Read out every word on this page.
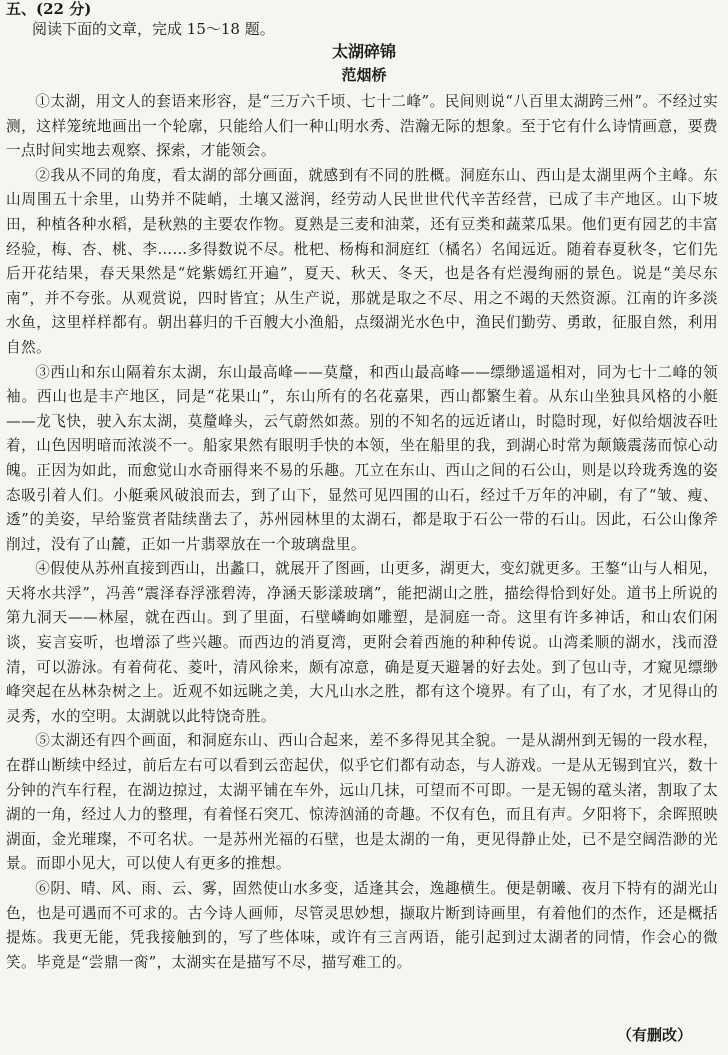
五、(22 分)
阅读下面的文章，完成 15～18 题。
太湖碎锦
范烟桥

①太湖，用文人的套语来形容，是“三万六千顷、七十二峰”。民间则说“八百里太湖跨三州”。不经过实测，这样笼统地画出一个轮廓，只能给人们一种山明水秀、浩瀚无际的想象。至于它有什么诗情画意，要费一点时间实地去观察、探索，才能领会。

②我从不同的角度，看太湖的部分画面，就感到有不同的胜概。洞庭东山、西山是太湖里两个主峰。东山周围五十余里，山势并不陡峭，土壤又滋润，经劳动人民世世代代辛苦经营，已成了丰产地区。山下坡田，种植各种水稻，是秋熟的主要农作物。夏熟是三麦和油菜，还有豆类和蔬菜瓜果。他们更有园艺的丰富经验，梅、杏、桃、李……多得数说不尽。枇杷、杨梅和洞庭红（橘名）名闻远近。随着春夏秋冬，它们先后开花结果，春天果然是“姹紫嫣红开遍”，夏天、秋天、冬天，也是各有烂漫绚丽的景色。说是“美尽东南”，并不夸张。从观赏说，四时皆宜；从生产说，那就是取之不尽、用之不竭的天然资源。江南的许多淡水鱼，这里样样都有。朝出暮归的千百艘大小渔船，点缀湖光水色中，渔民们勤劳、勇敢，征服自然，利用自然。

③西山和东山隔着东太湖，东山最高峰——莫釐，和西山最高峰——缥缈遥遥相对，同为七十二峰的领袖。西山也是丰产地区，同是“花果山”，东山所有的名花嘉果，西山都繁生着。从东山坐独具风格的小艇——龙飞快，驶入东太湖，莫釐峰头，云气蔚然如蒸。别的不知名的远近诸山，时隐时现，好似给烟波吞吐着，山色因明暗而浓淡不一。船家果然有眼明手快的本领，坐在船里的我，到湖心时常为颠簸震荡而惊心动魄。正因为如此，而愈觉山水奇丽得来不易的乐趣。兀立在东山、西山之间的石公山，则是以玲珑秀逸的姿态吸引着人们。小艇乘风破浪而去，到了山下，显然可见四围的山石，经过千万年的冲刷，有了“皱、瘦、透”的美姿，早给鉴赏者陆续凿去了，苏州园林里的太湖石，都是取于石公一带的石山。因此，石公山像斧削过，没有了山麓，正如一片翡翠放在一个玻璃盘里。

④假使从苏州直接到西山，出蠡口，就展开了图画，山更多，湖更大，变幻就更多。王鏊“山与人相见，天将水共浮”，冯善“震泽春浮涨碧涛，净涵天影漾玻璃”，能把湖山之胜，描绘得恰到好处。道书上所说的第九洞天——林屋，就在西山。到了里面，石壁嶙峋如雕塑，是洞庭一奇。这里有许多神话，和山农们闲谈，妄言妄听，也增添了些兴趣。而西边的消夏湾，更附会着西施的种种传说。山湾柔顺的湖水，浅而澄清，可以游泳。有着荷花、菱叶，清风徐来，颇有凉意，确是夏天避暑的好去处。到了包山寺，才窥见缥缈峰突起在丛林杂树之上。近观不如远眺之美，大凡山水之胜，都有这个境界。有了山，有了水，才见得山的灵秀，水的空明。太湖就以此特饶奇胜。

⑤太湖还有四个画面，和洞庭东山、西山合起来，差不多得见其全貌。一是从湖州到无锡的一段水程，在群山断续中经过，前后左右可以看到云峦起伏，似乎它们都有动态，与人游戏。一是从无锡到宜兴，数十分钟的汽车行程，在湖边掠过，太湖平铺在车外，远山几抹，可望而不可即。一是无锡的鼋头渚，割取了太湖的一角，经过人力的整理，有着怪石突兀、惊涛汹涌的奇趣。不仅有色，而且有声。夕阳将下，余晖照映湖面，金光璀璨，不可名状。一是苏州光福的石壁，也是太湖的一角，更见得静止处，已不是空阔浩渺的光景。而即小见大，可以使人有更多的推想。

⑥阴、晴、风、雨、云、雾，固然使山水多变，适逢其会，逸趣横生。便是朝曦、夜月下特有的湖光山色，也是可遇而不可求的。古今诗人画师，尽管灵思妙想，撷取片断到诗画里，有着他们的杰作，还是概括提炼。我更无能，凭我接触到的，写了些体味，或许有三言两语，能引起到过太湖者的同情，作会心的微笑。毕竟是“尝鼎一脔”，太湖实在是描写不尽，描写难工的。

（有删改）
